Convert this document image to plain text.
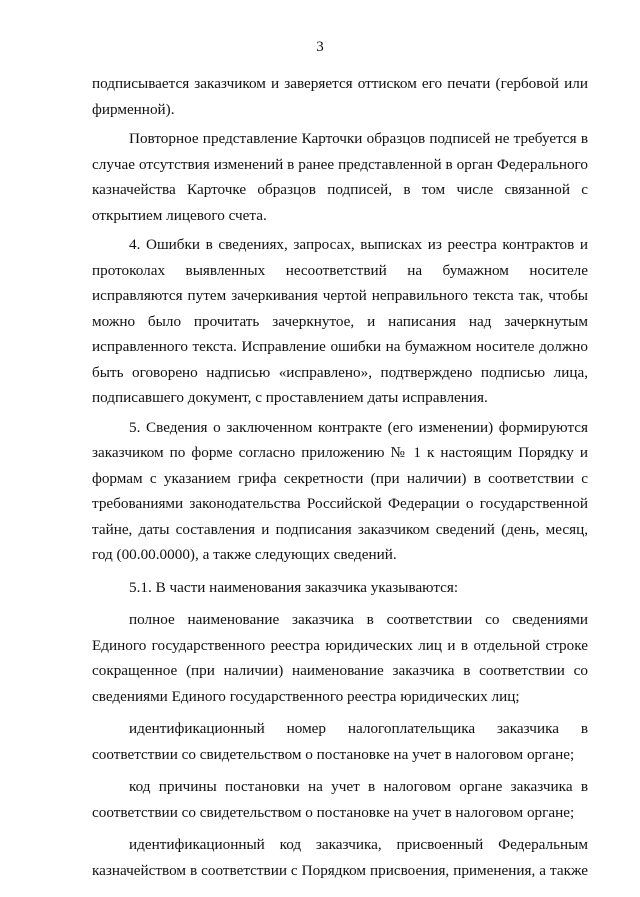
3

подписывается заказчиком и заверяется оттиском его печати (гербовой или фирменной).

Повторное представление Карточки образцов подписей не требуется в случае отсутствия изменений в ранее представленной в орган Федерального казначейства Карточке образцов подписей, в том числе связанной с открытием лицевого счета.

4. Ошибки в сведениях, запросах, выписках из реестра контрактов и протоколах выявленных несоответствий на бумажном носителе исправляются путем зачеркивания чертой неправильного текста так, чтобы можно было прочитать зачеркнутое, и написания над зачеркнутым исправленного текста. Исправление ошибки на бумажном носителе должно быть оговорено надписью «исправлено», подтверждено подписью лица, подписавшего документ, с проставлением даты исправления.

5. Сведения о заключенном контракте (его изменении) формируются заказчиком по форме согласно приложению № 1 к настоящим Порядку и формам с указанием грифа секретности (при наличии) в соответствии с требованиями законодательства Российской Федерации о государственной тайне, даты составления и подписания заказчиком сведений (день, месяц, год (00.00.0000), а также следующих сведений.

5.1. В части наименования заказчика указываются:

полное наименование заказчика в соответствии со сведениями Единого государственного реестра юридических лиц и в отдельной строке сокращенное (при наличии) наименование заказчика в соответствии со сведениями Единого государственного реестра юридических лиц;

идентификационный номер налогоплательщика заказчика в соответствии со свидетельством о постановке на учет в налоговом органе;

код причины постановки на учет в налоговом органе заказчика в соответствии со свидетельством о постановке на учет в налоговом органе;

идентификационный код заказчика, присвоенный Федеральным казначейством в соответствии с Порядком присвоения, применения, а также
